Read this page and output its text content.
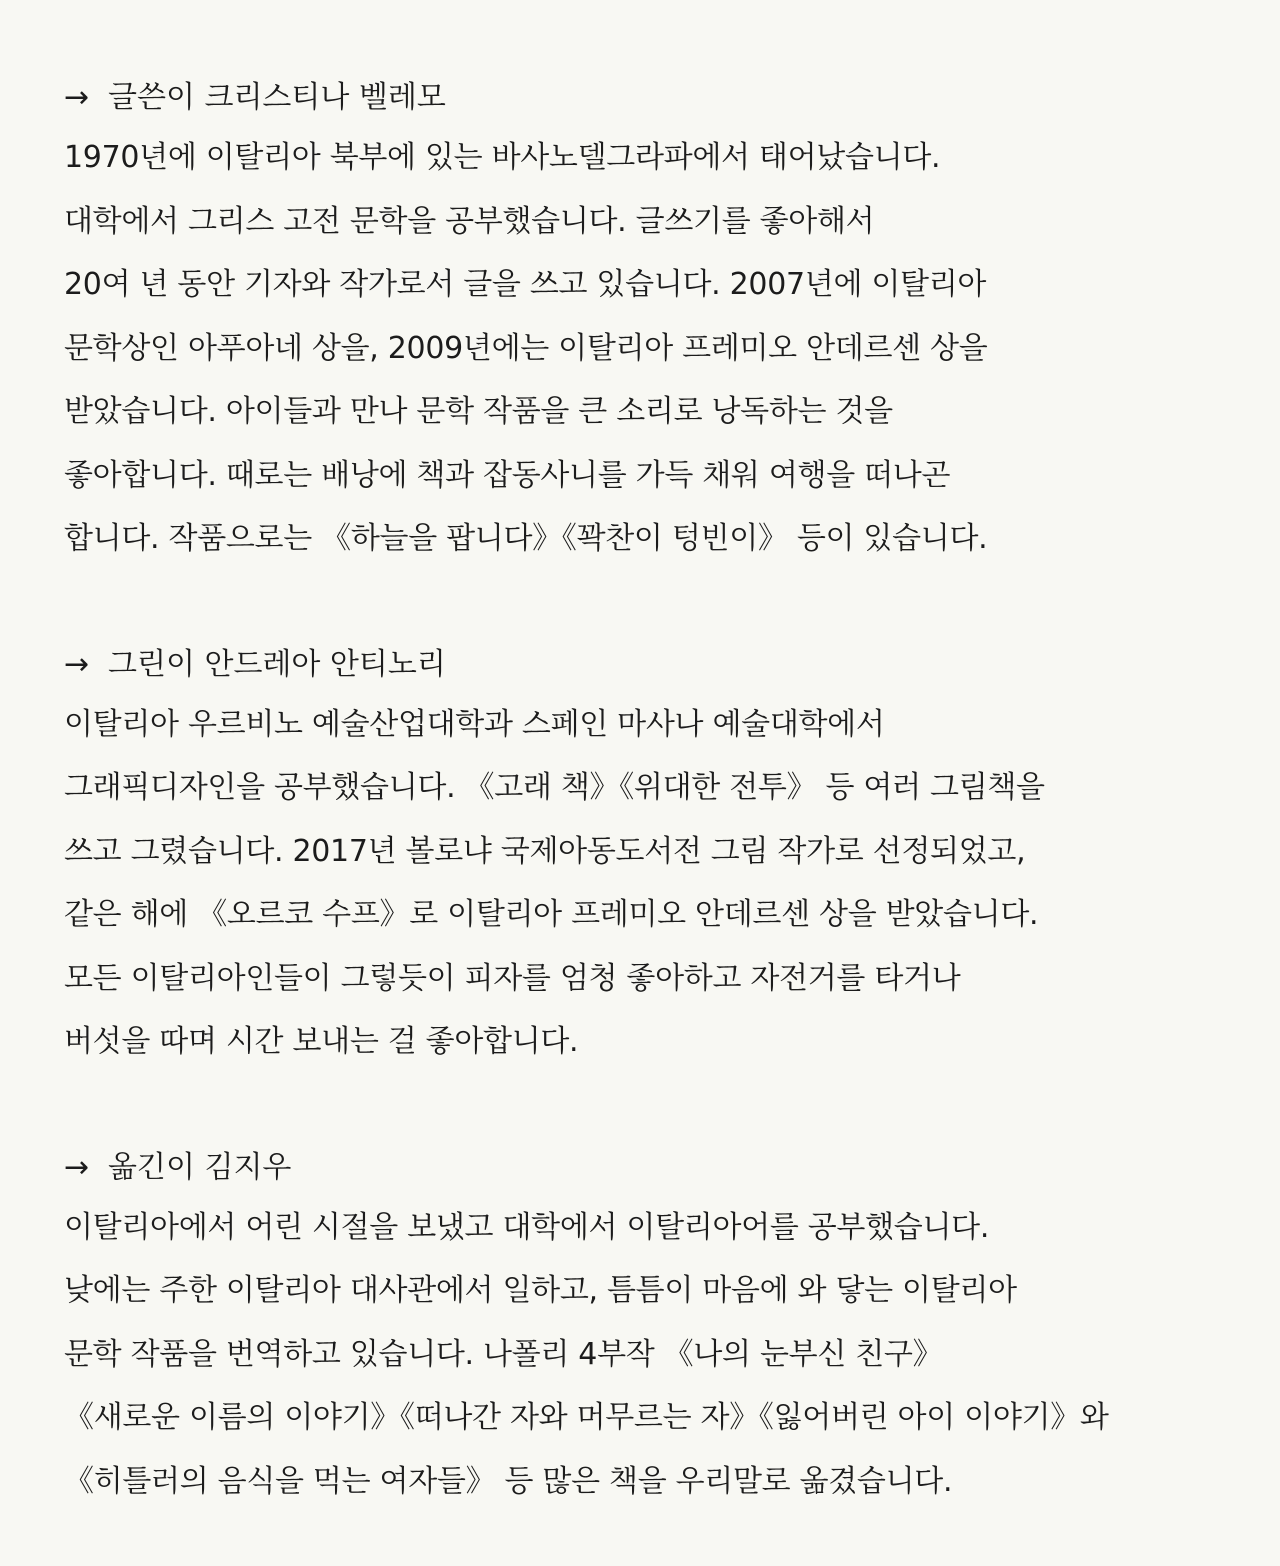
→ 글쓴이 크리스티나 벨레모
1970년에 이탈리아 북부에 있는 바사노델그라파에서 태어났습니다.
대학에서 그리스 고전 문학을 공부했습니다. 글쓰기를 좋아해서
20여 년 동안 기자와 작가로서 글을 쓰고 있습니다. 2007년에 이탈리아
문학상인 아푸아네 상을, 2009년에는 이탈리아 프레미오 안데르센 상을
받았습니다. 아이들과 만나 문학 작품을 큰 소리로 낭독하는 것을
좋아합니다. 때로는 배낭에 책과 잡동사니를 가득 채워 여행을 떠나곤
합니다. 작품으로는 《하늘을 팝니다》《꽉찬이 텅빈이》 등이 있습니다.
→ 그린이 안드레아 안티노리
이탈리아 우르비노 예술산업대학과 스페인 마사나 예술대학에서
그래픽디자인을 공부했습니다. 《고래 책》《위대한 전투》 등 여러 그림책을
쓰고 그렸습니다. 2017년 볼로냐 국제아동도서전 그림 작가로 선정되었고,
같은 해에 《오르코 수프》로 이탈리아 프레미오 안데르센 상을 받았습니다.
모든 이탈리아인들이 그렇듯이 피자를 엄청 좋아하고 자전거를 타거나
버섯을 따며 시간 보내는 걸 좋아합니다.
→ 옮긴이 김지우
이탈리아에서 어린 시절을 보냈고 대학에서 이탈리아어를 공부했습니다.
낮에는 주한 이탈리아 대사관에서 일하고, 틈틈이 마음에 와 닿는 이탈리아
문학 작품을 번역하고 있습니다. 나폴리 4부작 《나의 눈부신 친구》
《새로운 이름의 이야기》《떠나간 자와 머무르는 자》《잃어버린 아이 이야기》와
《히틀러의 음식을 먹는 여자들》 등 많은 책을 우리말로 옮겼습니다.
